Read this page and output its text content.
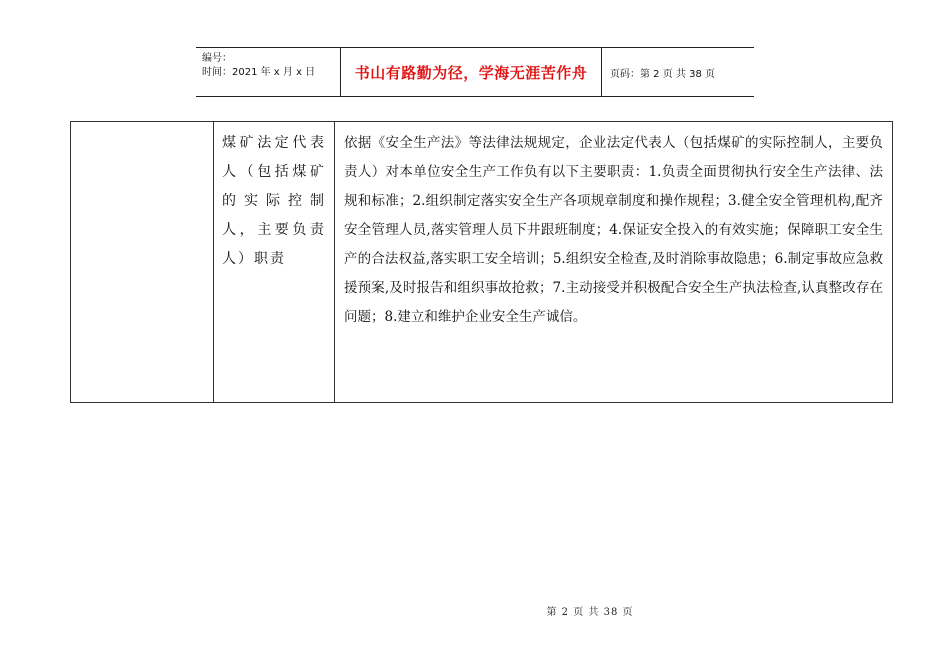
编号：
时间：2021 年 x 月 x 日	书山有路勤为径，学海无涯苦作舟	页码：第 2 页 共 38 页
煤矿法定代表人（包括煤矿的实际控制人，主要负责人）职责
依据《安全生产法》等法律法规规定，企业法定代表人（包括煤矿的实际控制人，主要负责人）对本单位安全生产工作负有以下主要职责：1.负责全面贯彻执行安全生产法律、法规和标准；2.组织制定落实安全生产各项规章制度和操作规程；3.健全安全管理机构,配齐安全管理人员,落实管理人员下井跟班制度；4.保证安全投入的有效实施；保障职工安全生产的合法权益,落实职工安全培训；5.组织安全检查,及时消除事故隐患；6.制定事故应急救援预案,及时报告和组织事故抢救；7.主动接受并积极配合安全生产执法检查,认真整改存在问题；8.建立和维护企业安全生产诚信。
第 2 页 共 38 页
